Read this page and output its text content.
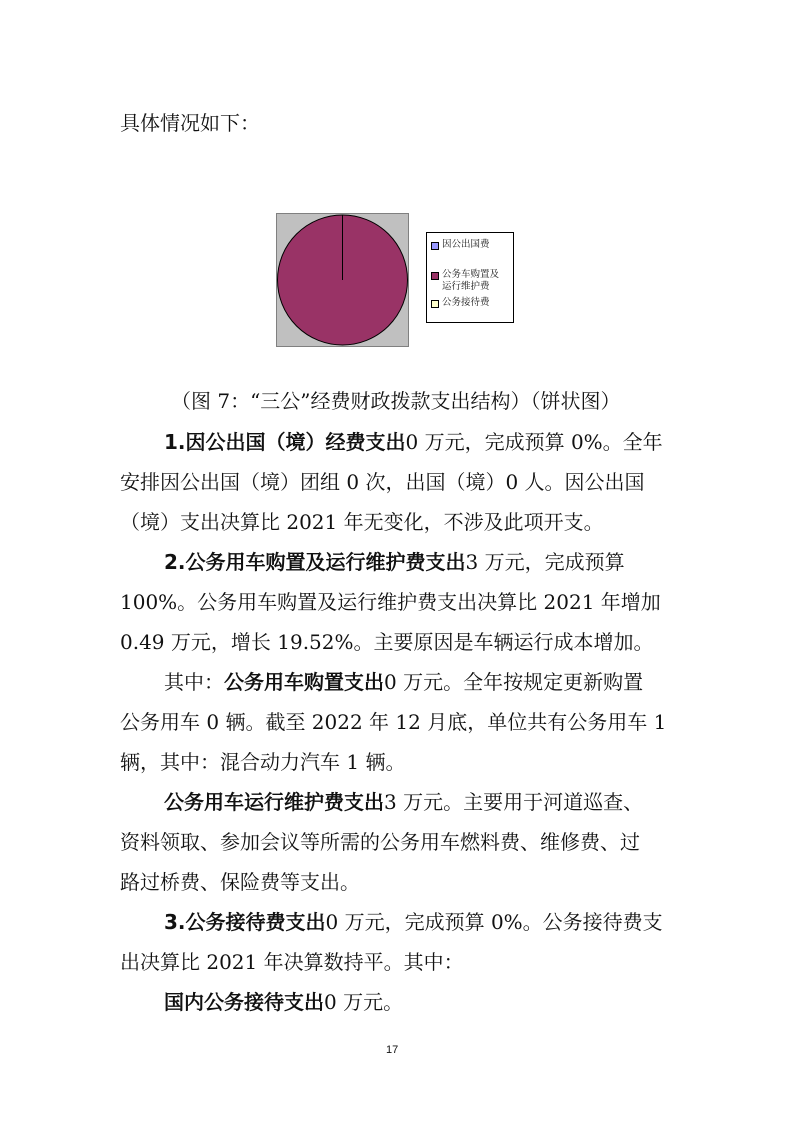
具体情况如下：
因公出国费
公务车购置及
运行维护费
公务接待费
（图 7：“三公”经费财政拨款支出结构）（饼状图）
1.因公出国（境）经费支出0 万元，完成预算 0%。全年
安排因公出国（境）团组 0 次，出国（境）0 人。因公出国
（境）支出决算比 2021 年无变化，不涉及此项开支。
2.公务用车购置及运行维护费支出3 万元，完成预算
100%。公务用车购置及运行维护费支出决算比 2021 年增加
0.49 万元，增长 19.52%。主要原因是车辆运行成本增加。
其中：公务用车购置支出0 万元。全年按规定更新购置
公务用车 0 辆。截至 2022 年 12 月底，单位共有公务用车 1
辆，其中：混合动力汽车 1 辆。
公务用车运行维护费支出3 万元。主要用于河道巡查、
资料领取、参加会议等所需的公务用车燃料费、维修费、过
路过桥费、保险费等支出。
3.公务接待费支出0 万元，完成预算 0%。公务接待费支
出决算比 2021 年决算数持平。其中：
国内公务接待支出0 万元。
17
